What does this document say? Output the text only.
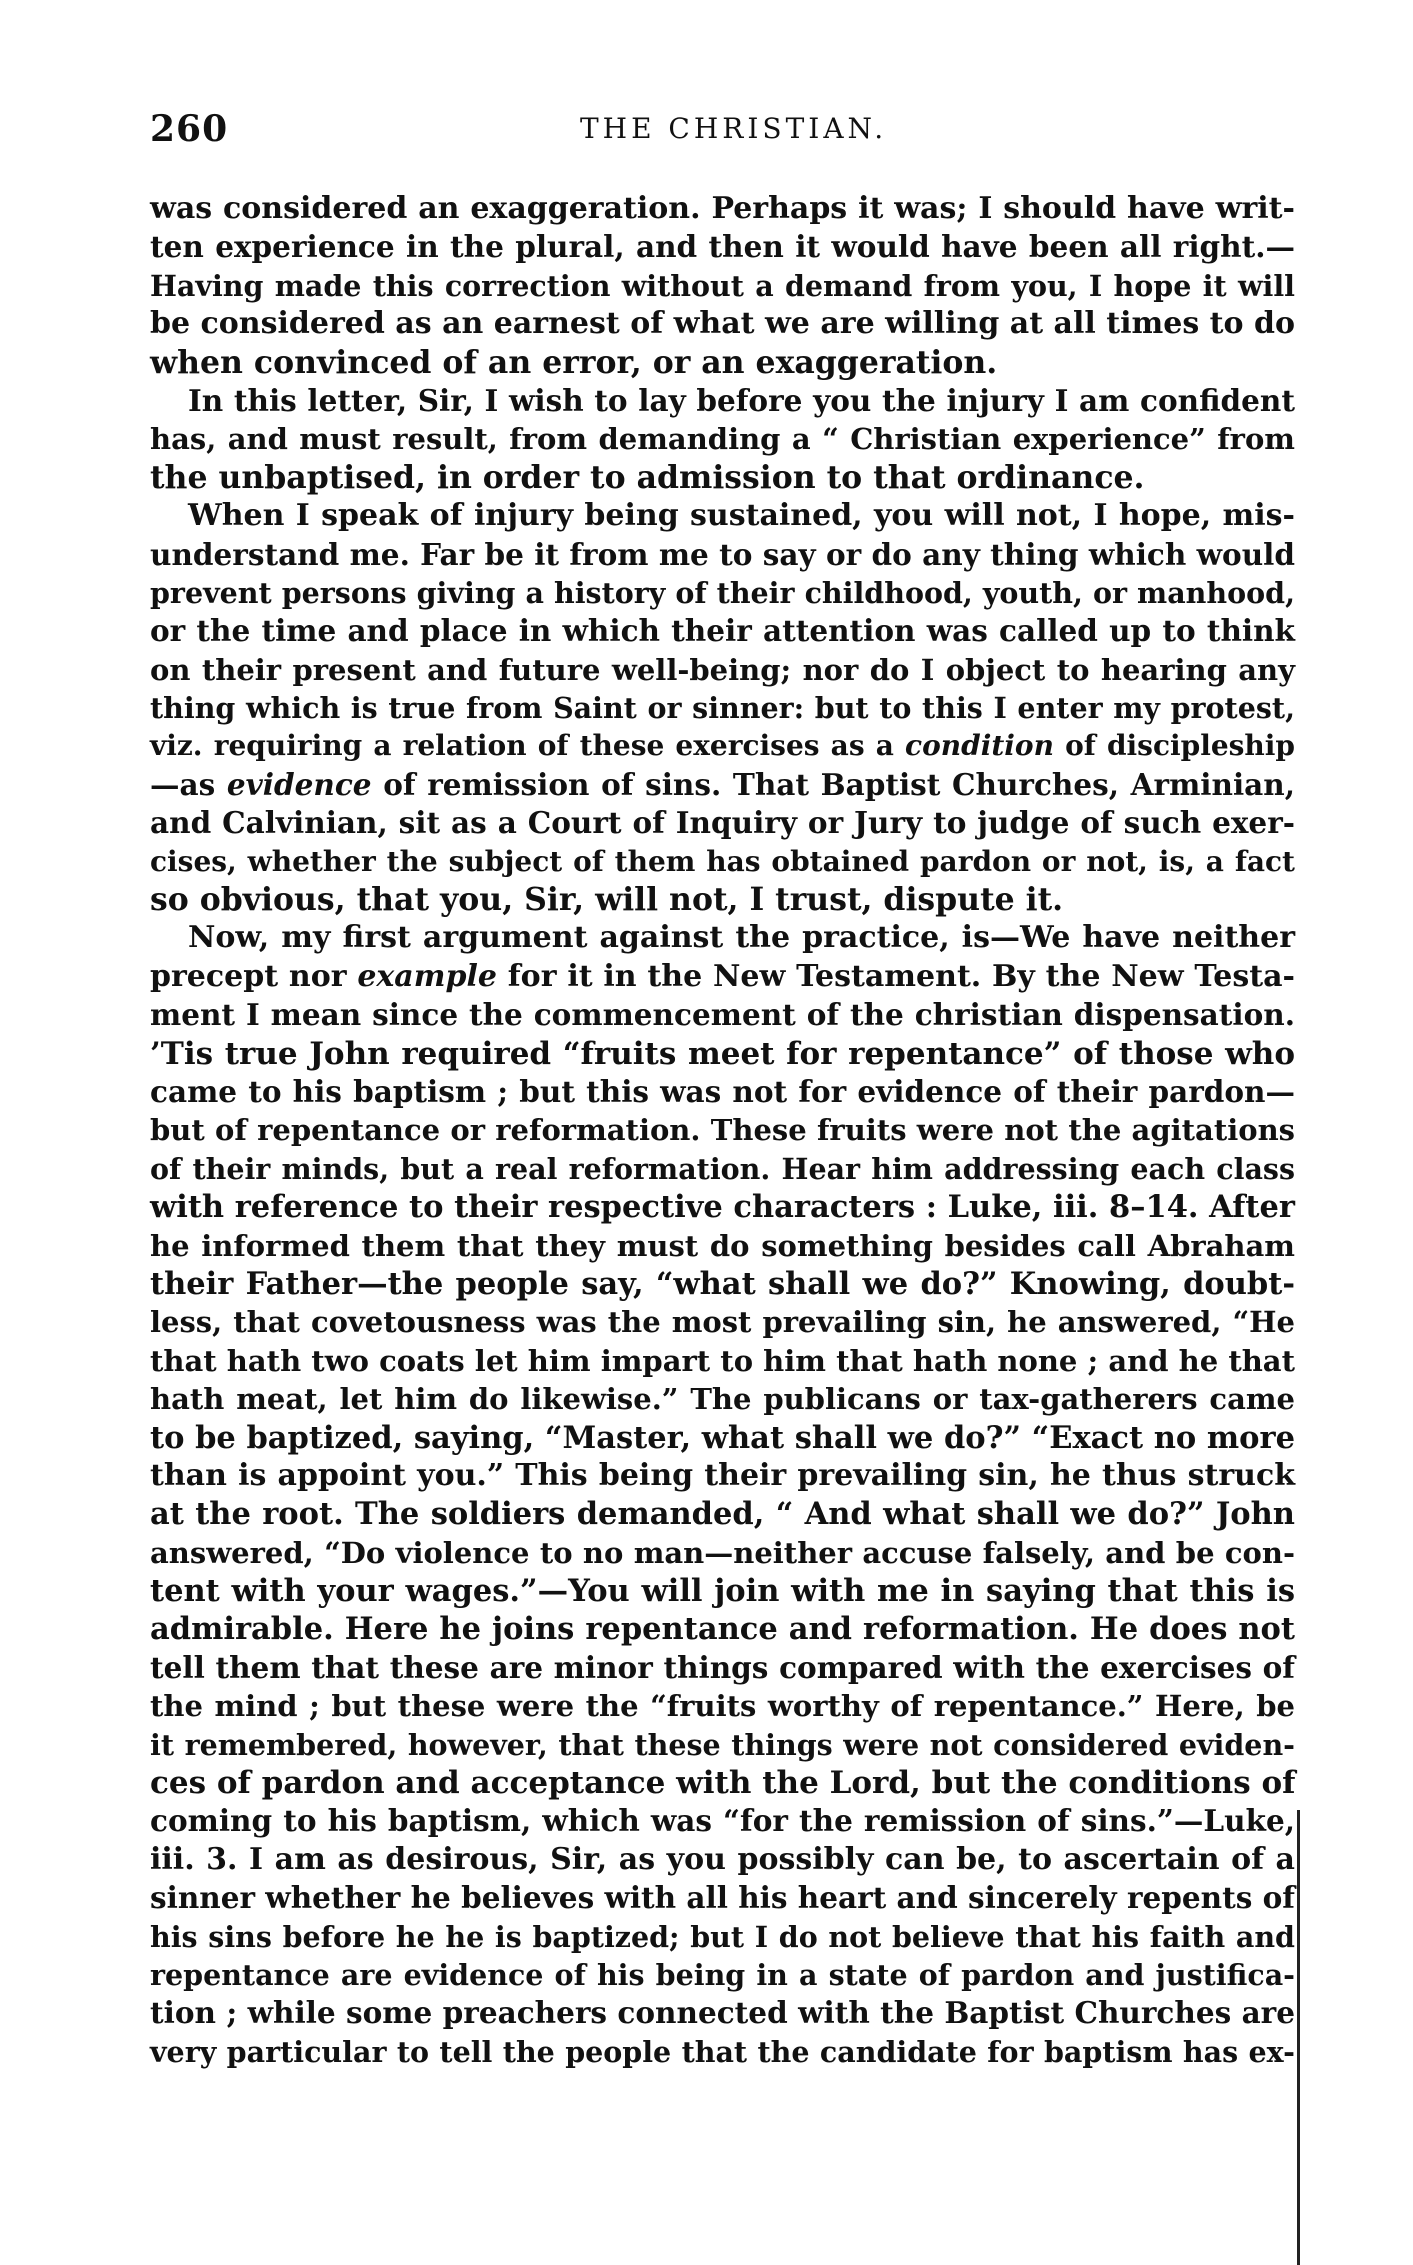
260	THE CHRISTIAN.
was considered an exaggeration. Perhaps it was; I should have writ-
ten experience in the plural, and then it would have been all right.—
Having made this correction without a demand from you, I hope it will
be considered as an earnest of what we are willing at all times to do
when convinced of an error, or an exaggeration.
In this letter, Sir, I wish to lay before you the injury I am confident
has, and must result, from demanding a “ Christian experience” from
the unbaptised, in order to admission to that ordinance.
When I speak of injury being sustained, you will not, I hope, mis-
understand me. Far be it from me to say or do any thing which would
prevent persons giving a history of their childhood, youth, or manhood,
or the time and place in which their attention was called up to think
on their present and future well-being; nor do I object to hearing any
thing which is true from Saint or sinner: but to this I enter my protest,
viz. requiring a relation of these exercises as a condition of discipleship
—as evidence of remission of sins. That Baptist Churches, Arminian,
and Calvinian, sit as a Court of Inquiry or Jury to judge of such exer-
cises, whether the subject of them has obtained pardon or not, is, a fact
so obvious, that you, Sir, will not, I trust, dispute it.
Now, my first argument against the practice, is—We have neither
precept nor example for it in the New Testament. By the New Testa-
ment I mean since the commencement of the christian dispensation.
’Tis true John required “fruits meet for repentance” of those who
came to his baptism ; but this was not for evidence of their pardon—
but of repentance or reformation. These fruits were not the agitations
of their minds, but a real reformation. Hear him addressing each class
with reference to their respective characters : Luke, iii. 8–14. After
he informed them that they must do something besides call Abraham
their Father—the people say, “what shall we do?” Knowing, doubt-
less, that covetousness was the most prevailing sin, he answered, “He
that hath two coats let him impart to him that hath none ; and he that
hath meat, let him do likewise.” The publicans or tax-gatherers came
to be baptized, saying, “Master, what shall we do?” “Exact no more
than is appoint you.” This being their prevailing sin, he thus struck
at the root. The soldiers demanded, “ And what shall we do?” John
answered, “Do violence to no man—neither accuse falsely, and be con-
tent with your wages.”—You will join with me in saying that this is
admirable. Here he joins repentance and reformation. He does not
tell them that these are minor things compared with the exercises of
the mind ; but these were the “fruits worthy of repentance.” Here, be
it remembered, however, that these things were not considered eviden-
ces of pardon and acceptance with the Lord, but the conditions of
coming to his baptism, which was “for the remission of sins.”—Luke,
iii. 3. I am as desirous, Sir, as you possibly can be, to ascertain of a
sinner whether he believes with all his heart and sincerely repents of
his sins before he he is baptized; but I do not believe that his faith and
repentance are evidence of his being in a state of pardon and justifica-
tion ; while some preachers connected with the Baptist Churches are
very particular to tell the people that the candidate for baptism has ex-
